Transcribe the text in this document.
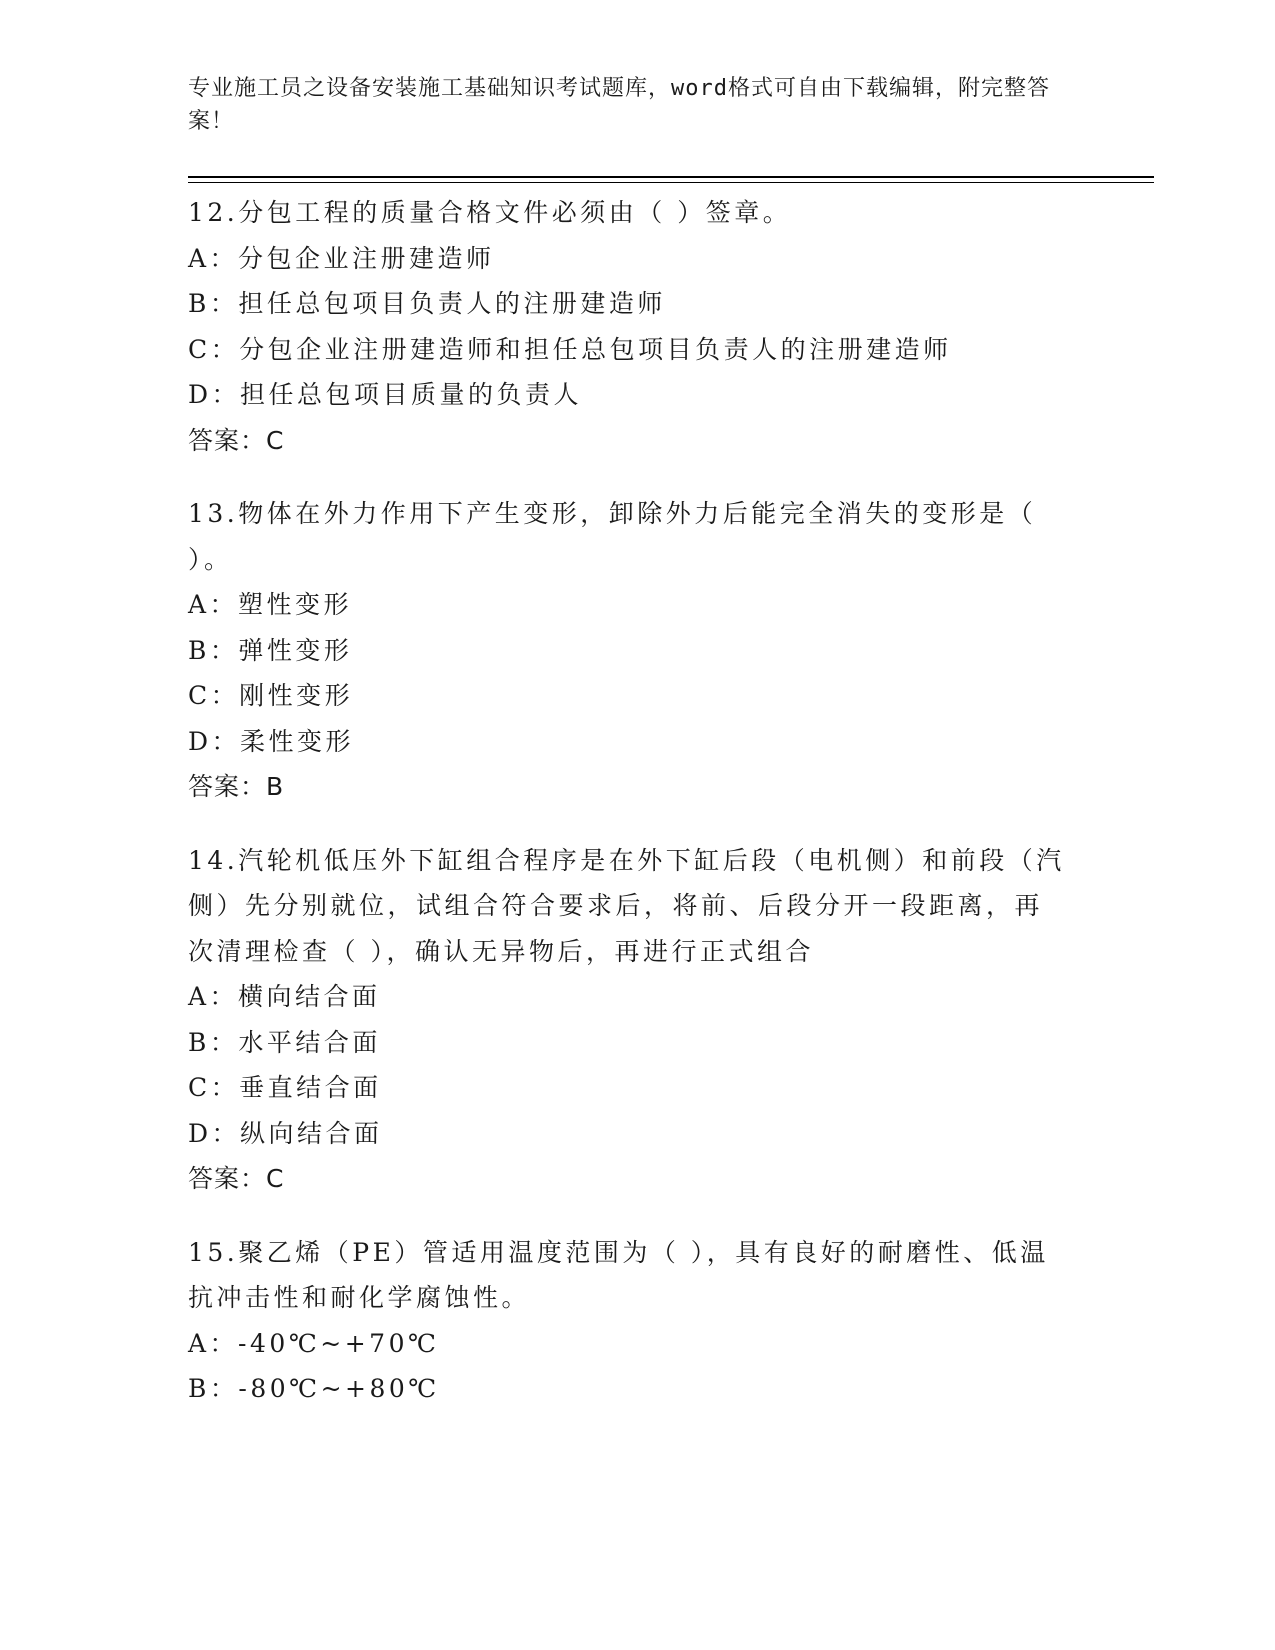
专业施工员之设备安装施工基础知识考试题库，word格式可自由下载编辑，附完整答案！

12.分包工程的质量合格文件必须由（ ）签章。

A：分包企业注册建造师

B：担任总包项目负责人的注册建造师

C：分包企业注册建造师和担任总包项目负责人的注册建造师

D：担任总包项目质量的负责人

答案：C

13.物体在外力作用下产生变形，卸除外力后能完全消失的变形是（ ）。

A：塑性变形

B：弹性变形

C：刚性变形

D：柔性变形

答案：B

14.汽轮机低压外下缸组合程序是在外下缸后段（电机侧）和前段（汽侧）先分别就位，试组合符合要求后，将前、后段分开一段距离，再次清理检查（ ），确认无异物后，再进行正式组合

A：横向结合面

B：水平结合面

C：垂直结合面

D：纵向结合面

答案：C

15.聚乙烯（PE）管适用温度范围为（ ），具有良好的耐磨性、低温抗冲击性和耐化学腐蚀性。

A：-40℃~+70℃

B：-80℃~+80℃
